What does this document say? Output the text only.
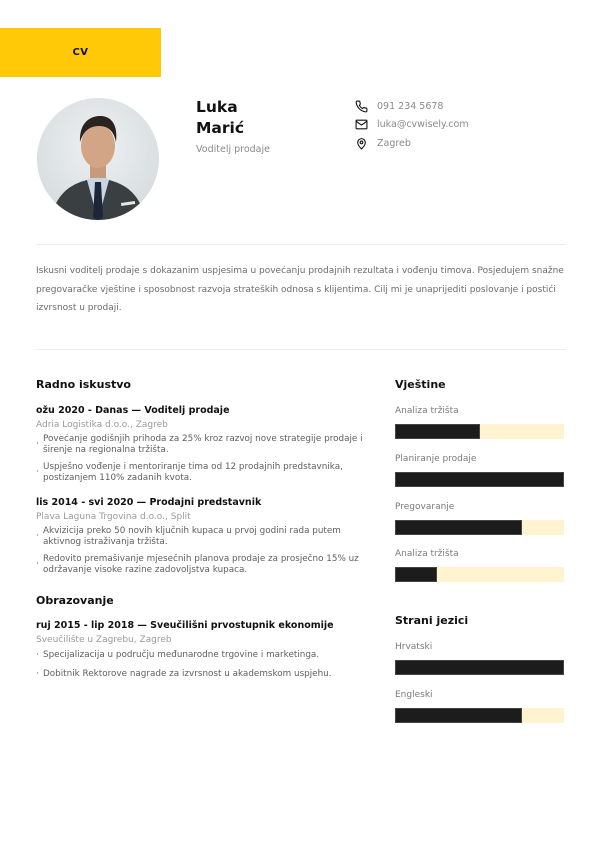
CV
Luka
Marić
Voditelj prodaje
091 234 5678
luka@cvwisely.com
Zagreb

Iskusni voditelj prodaje s dokazanim uspjesima u povećanju prodajnih rezultata i vođenju timova. Posjedujem snažne pregovaračke vještine i sposobnost razvoja strateških odnosa s klijentima. Cilj mi je unaprijediti poslovanje i postići izvrsnost u prodaji.

Radno iskustvo
ožu 2020 - Danas — Voditelj prodaje
Adria Logistika d.o.o., Zagreb
·
Povećanje godišnjih prihoda za 25% kroz razvoj nove strategije prodaje i širenje na regionalna tržišta.
·
Uspješno vođenje i mentoriranje tima od 12 prodajnih predstavnika, postizanjem 110% zadanih kvota.
lis 2014 - svi 2020 — Prodajni predstavnik
Plava Laguna Trgovina d.o.o., Split
·
Akvizicija preko 50 novih ključnih kupaca u prvoj godini rada putem aktivnog istraživanja tržišta.
·
Redovito premašivanje mjesečnih planova prodaje za prosječno 15% uz održavanje visoke razine zadovoljstva kupaca.
Obrazovanje
ruj 2015 - lip 2018 — Sveučilišni prvostupnik ekonomije
Sveučilište u Zagrebu, Zagreb
· Specijalizacija u području međunarodne trgovine i marketinga.
· Dobitnik Rektorove nagrade za izvrsnost u akademskom uspjehu.
Vještine
Analiza tržišta
Planiranje prodaje
Pregovaranje
Analiza tržišta
Strani jezici
Hrvatski
Engleski
